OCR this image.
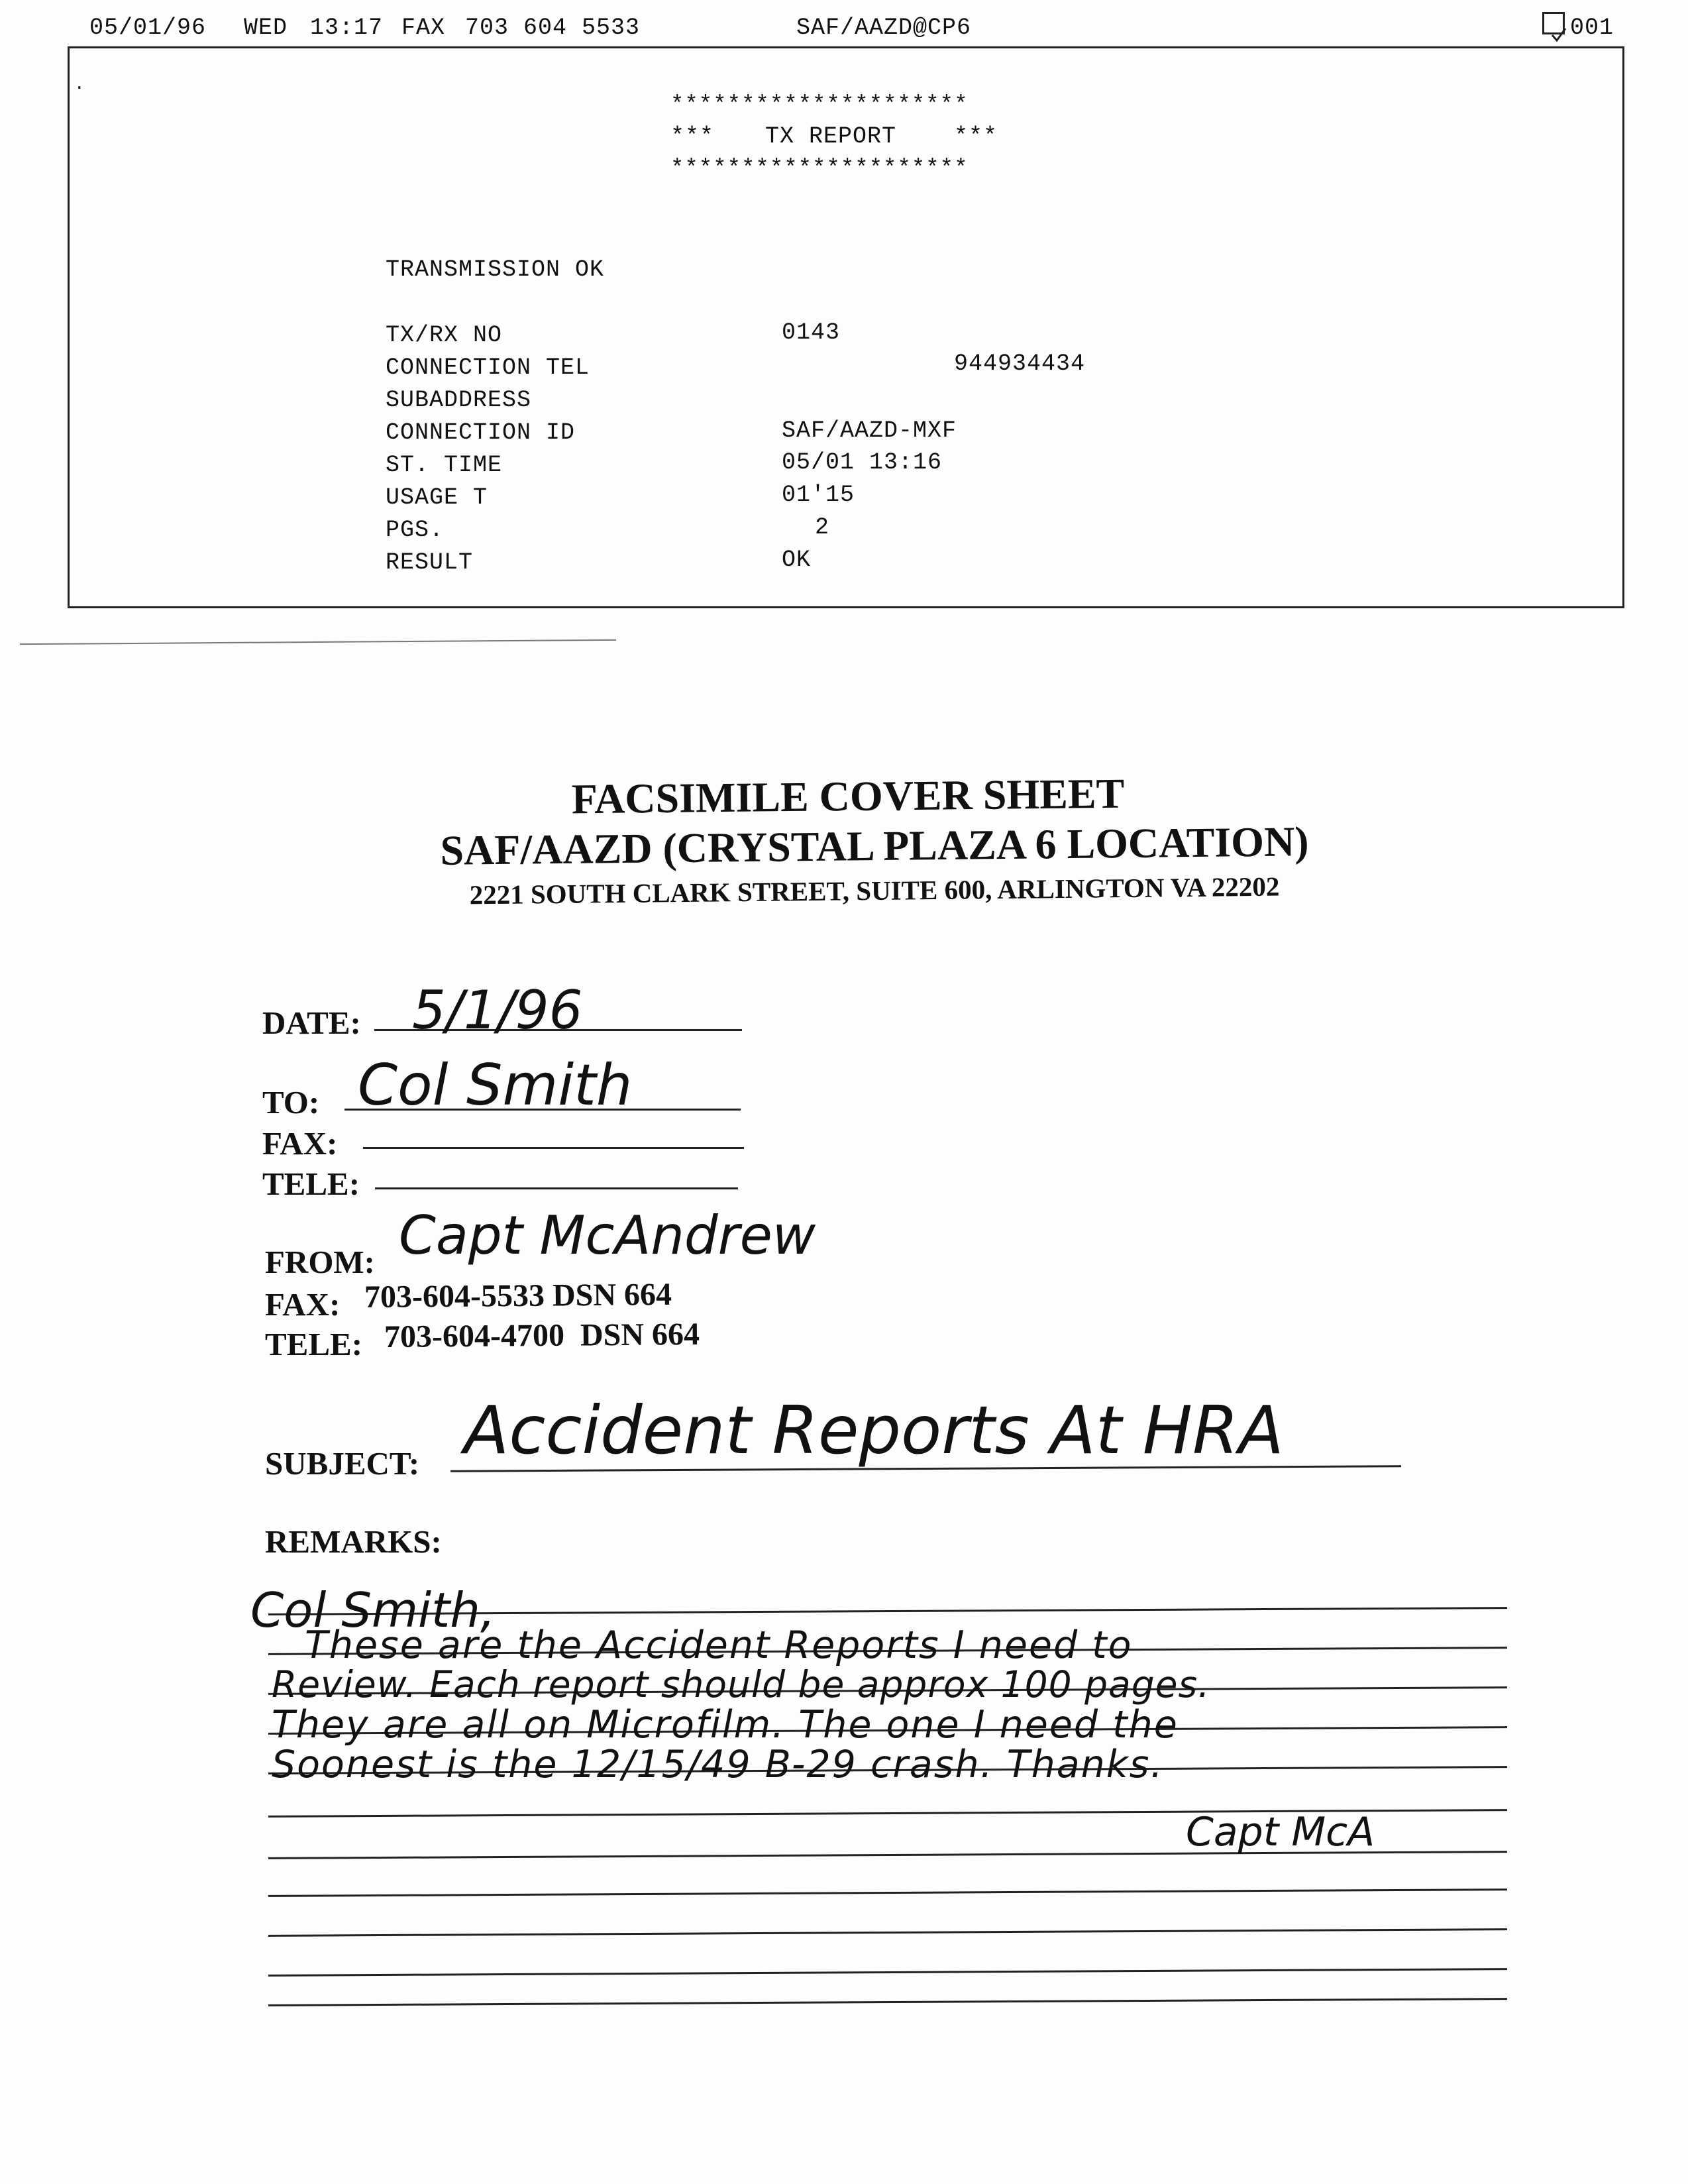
05/01/96 WED 13:17 FAX 703 604 5533	SAF/AAZD@CP6

	001
.
*********************
*** TX REPORT ***
*********************
TRANSMISSION OK
TX/RX NO	0143
CONNECTION TEL	944934434
SUBADDRESS
CONNECTION ID	SAF/AAZD-MXF
ST. TIME	05/01 13:16
USAGE T	01'15
PGS.	2
RESULT	OK
FACSIMILE COVER SHEET
SAF/AAZD (CRYSTAL PLAZA 6 LOCATION)
2221 SOUTH CLARK STREET, SUITE 600, ARLINGTON VA 22202
DATE: 5/1/96
TO: Col Smith
FAX:
TELE:
FROM: Capt McAndrew
FAX: 703-604-5533 DSN 664
TELE: 703-604-4700  DSN 664
SUBJECT: Accident Reports At HRA
REMARKS:
Col Smith,
These are the Accident Reports I need to
Review. Each report should be approx 100 pages.
They are all on Microfilm. The one I need the
Soonest is the 12/15/49 B-29 crash. Thanks.
Capt McA
